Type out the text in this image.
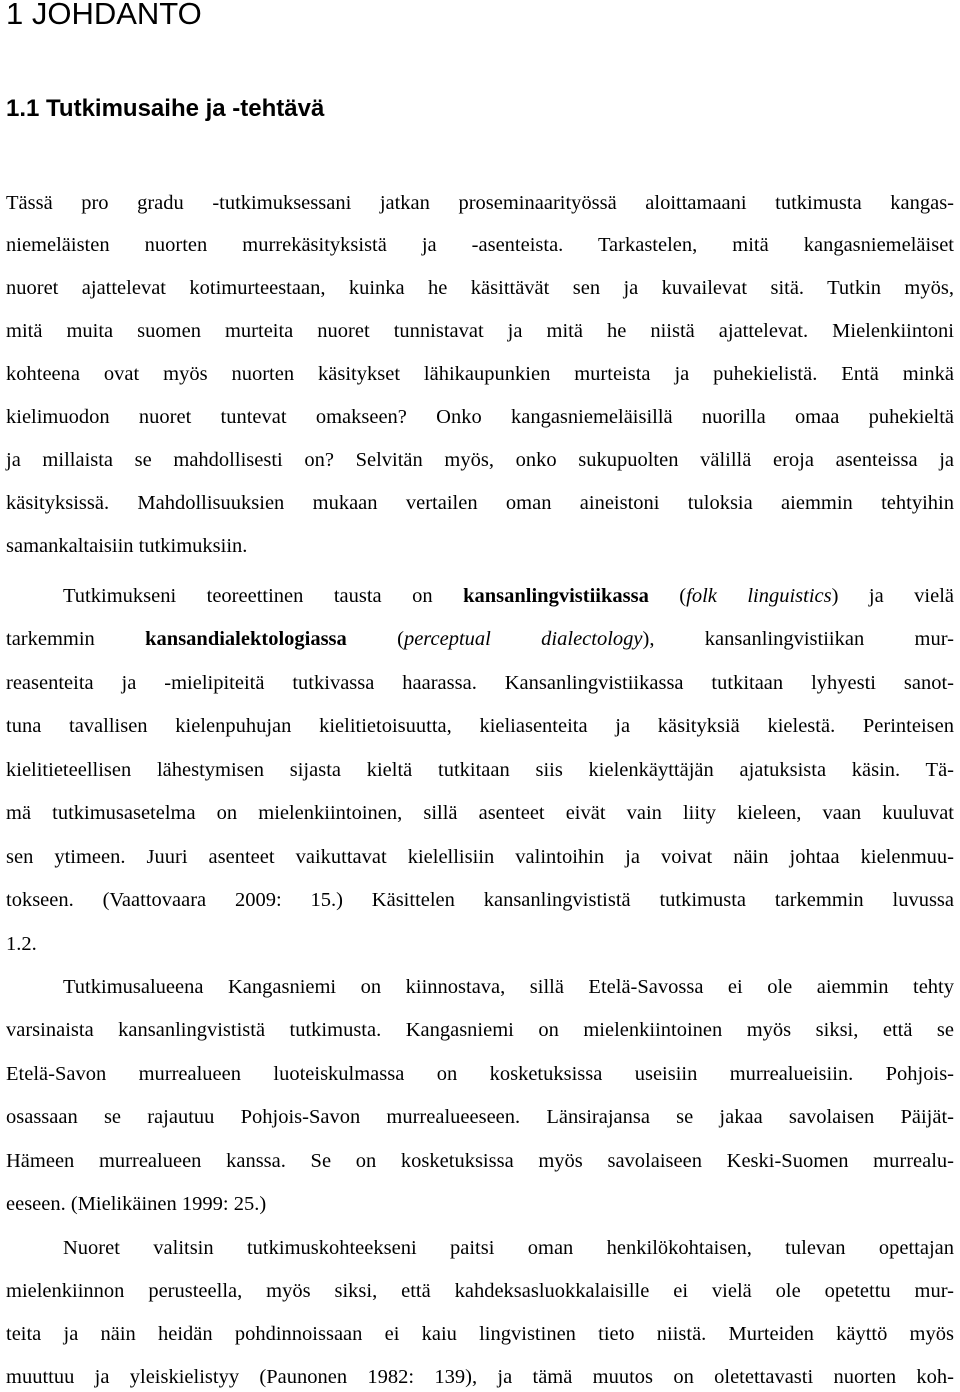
1 JOHDANTO
1.1 Tutkimusaihe ja -tehtävä
Tässä pro gradu -tutkimuksessani jatkan proseminaarityössä aloittamaani tutkimusta kangas-
niemeläisten nuorten murrekäsityksistä ja -asenteista. Tarkastelen, mitä kangasniemeläiset
nuoret ajattelevat kotimurteestaan, kuinka he käsittävät sen ja kuvailevat sitä. Tutkin myös,
mitä muita suomen murteita nuoret tunnistavat ja mitä he niistä ajattelevat. Mielenkiintoni
kohteena ovat myös nuorten käsitykset lähikaupunkien murteista ja puhekielistä. Entä minkä
kielimuodon nuoret tuntevat omakseen? Onko kangasniemeläisillä nuorilla omaa puhekieltä
ja millaista se mahdollisesti on? Selvitän myös, onko sukupuolten välillä eroja asenteissa ja
käsityksissä. Mahdollisuuksien mukaan vertailen oman aineistoni tuloksia aiemmin tehtyihin
samankaltaisiin tutkimuksiin.
Tutkimukseni teoreettinen tausta on kansanlingvistiikassa (folk linguistics) ja vielä
tarkemmin kansandialektologiassa (perceptual dialectology), kansanlingvistiikan mur-
reasenteita ja -mielipiteitä tutkivassa haarassa. Kansanlingvistiikassa tutkitaan lyhyesti sanot-
tuna tavallisen kielenpuhujan kielitietoisuutta, kieliasenteita ja käsityksiä kielestä. Perinteisen
kielitieteellisen lähestymisen sijasta kieltä tutkitaan siis kielenkäyttäjän ajatuksista käsin. Tä-
mä tutkimusasetelma on mielenkiintoinen, sillä asenteet eivät vain liity kieleen, vaan kuuluvat
sen ytimeen. Juuri asenteet vaikuttavat kielellisiin valintoihin ja voivat näin johtaa kielenmuu-
tokseen. (Vaattovaara 2009: 15.) Käsittelen kansanlingvististä tutkimusta tarkemmin luvussa
1.2.
Tutkimusalueena Kangasniemi on kiinnostava, sillä Etelä-Savossa ei ole aiemmin tehty
varsinaista kansanlingvististä tutkimusta. Kangasniemi on mielenkiintoinen myös siksi, että se
Etelä-Savon murrealueen luoteiskulmassa on kosketuksissa useisiin murrealueisiin. Pohjois-
osassaan se rajautuu Pohjois-Savon murrealueeseen. Länsirajansa se jakaa savolaisen Päijät-
Hämeen murrealueen kanssa. Se on kosketuksissa myös savolaiseen Keski-Suomen murrealu-
eeseen. (Mielikäinen 1999: 25.)
Nuoret valitsin tutkimuskohteekseni paitsi oman henkilökohtaisen, tulevan opettajan
mielenkiinnon perusteella, myös siksi, että kahdeksasluokkalaisille ei vielä ole opetettu mur-
teita ja näin heidän pohdinnoissaan ei kaiu lingvistinen tieto niistä. Murteiden käyttö myös
muuttuu ja yleiskielistyy (Paunonen 1982: 139), ja tämä muutos on oletettavasti nuorten koh-
